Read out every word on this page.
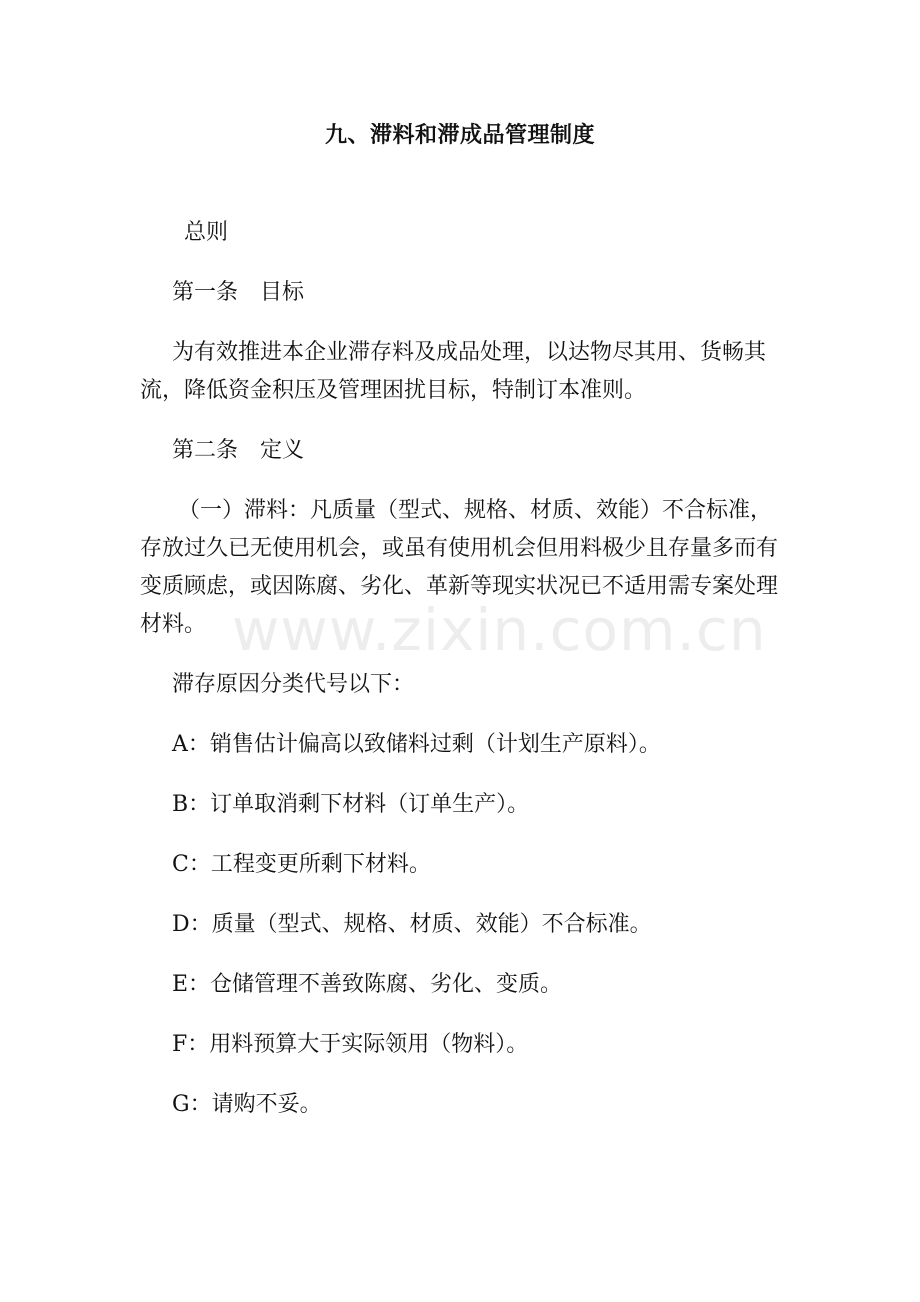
九、滞料和滞成品管理制度

总则

第一条　目标

为有效推进本企业滞存料及成品处理，以达物尽其用、货畅其流，降低资金积压及管理困扰目标，特制订本准则。

第二条　定义

（一）滞料：凡质量（型式、规格、材质、效能）不合标准，存放过久已无使用机会，或虽有使用机会但用料极少且存量多而有变质顾虑，或因陈腐、劣化、革新等现实状况已不适用需专案处理材料。

滞存原因分类代号以下：

A：销售估计偏高以致储料过剩（计划生产原料）。

B：订单取消剩下材料（订单生产）。

C：工程变更所剩下材料。

D：质量（型式、规格、材质、效能）不合标准。

E：仓储管理不善致陈腐、劣化、变质。

F：用料预算大于实际领用（物料）。

G：请购不妥。

www.zixin.com.cn
